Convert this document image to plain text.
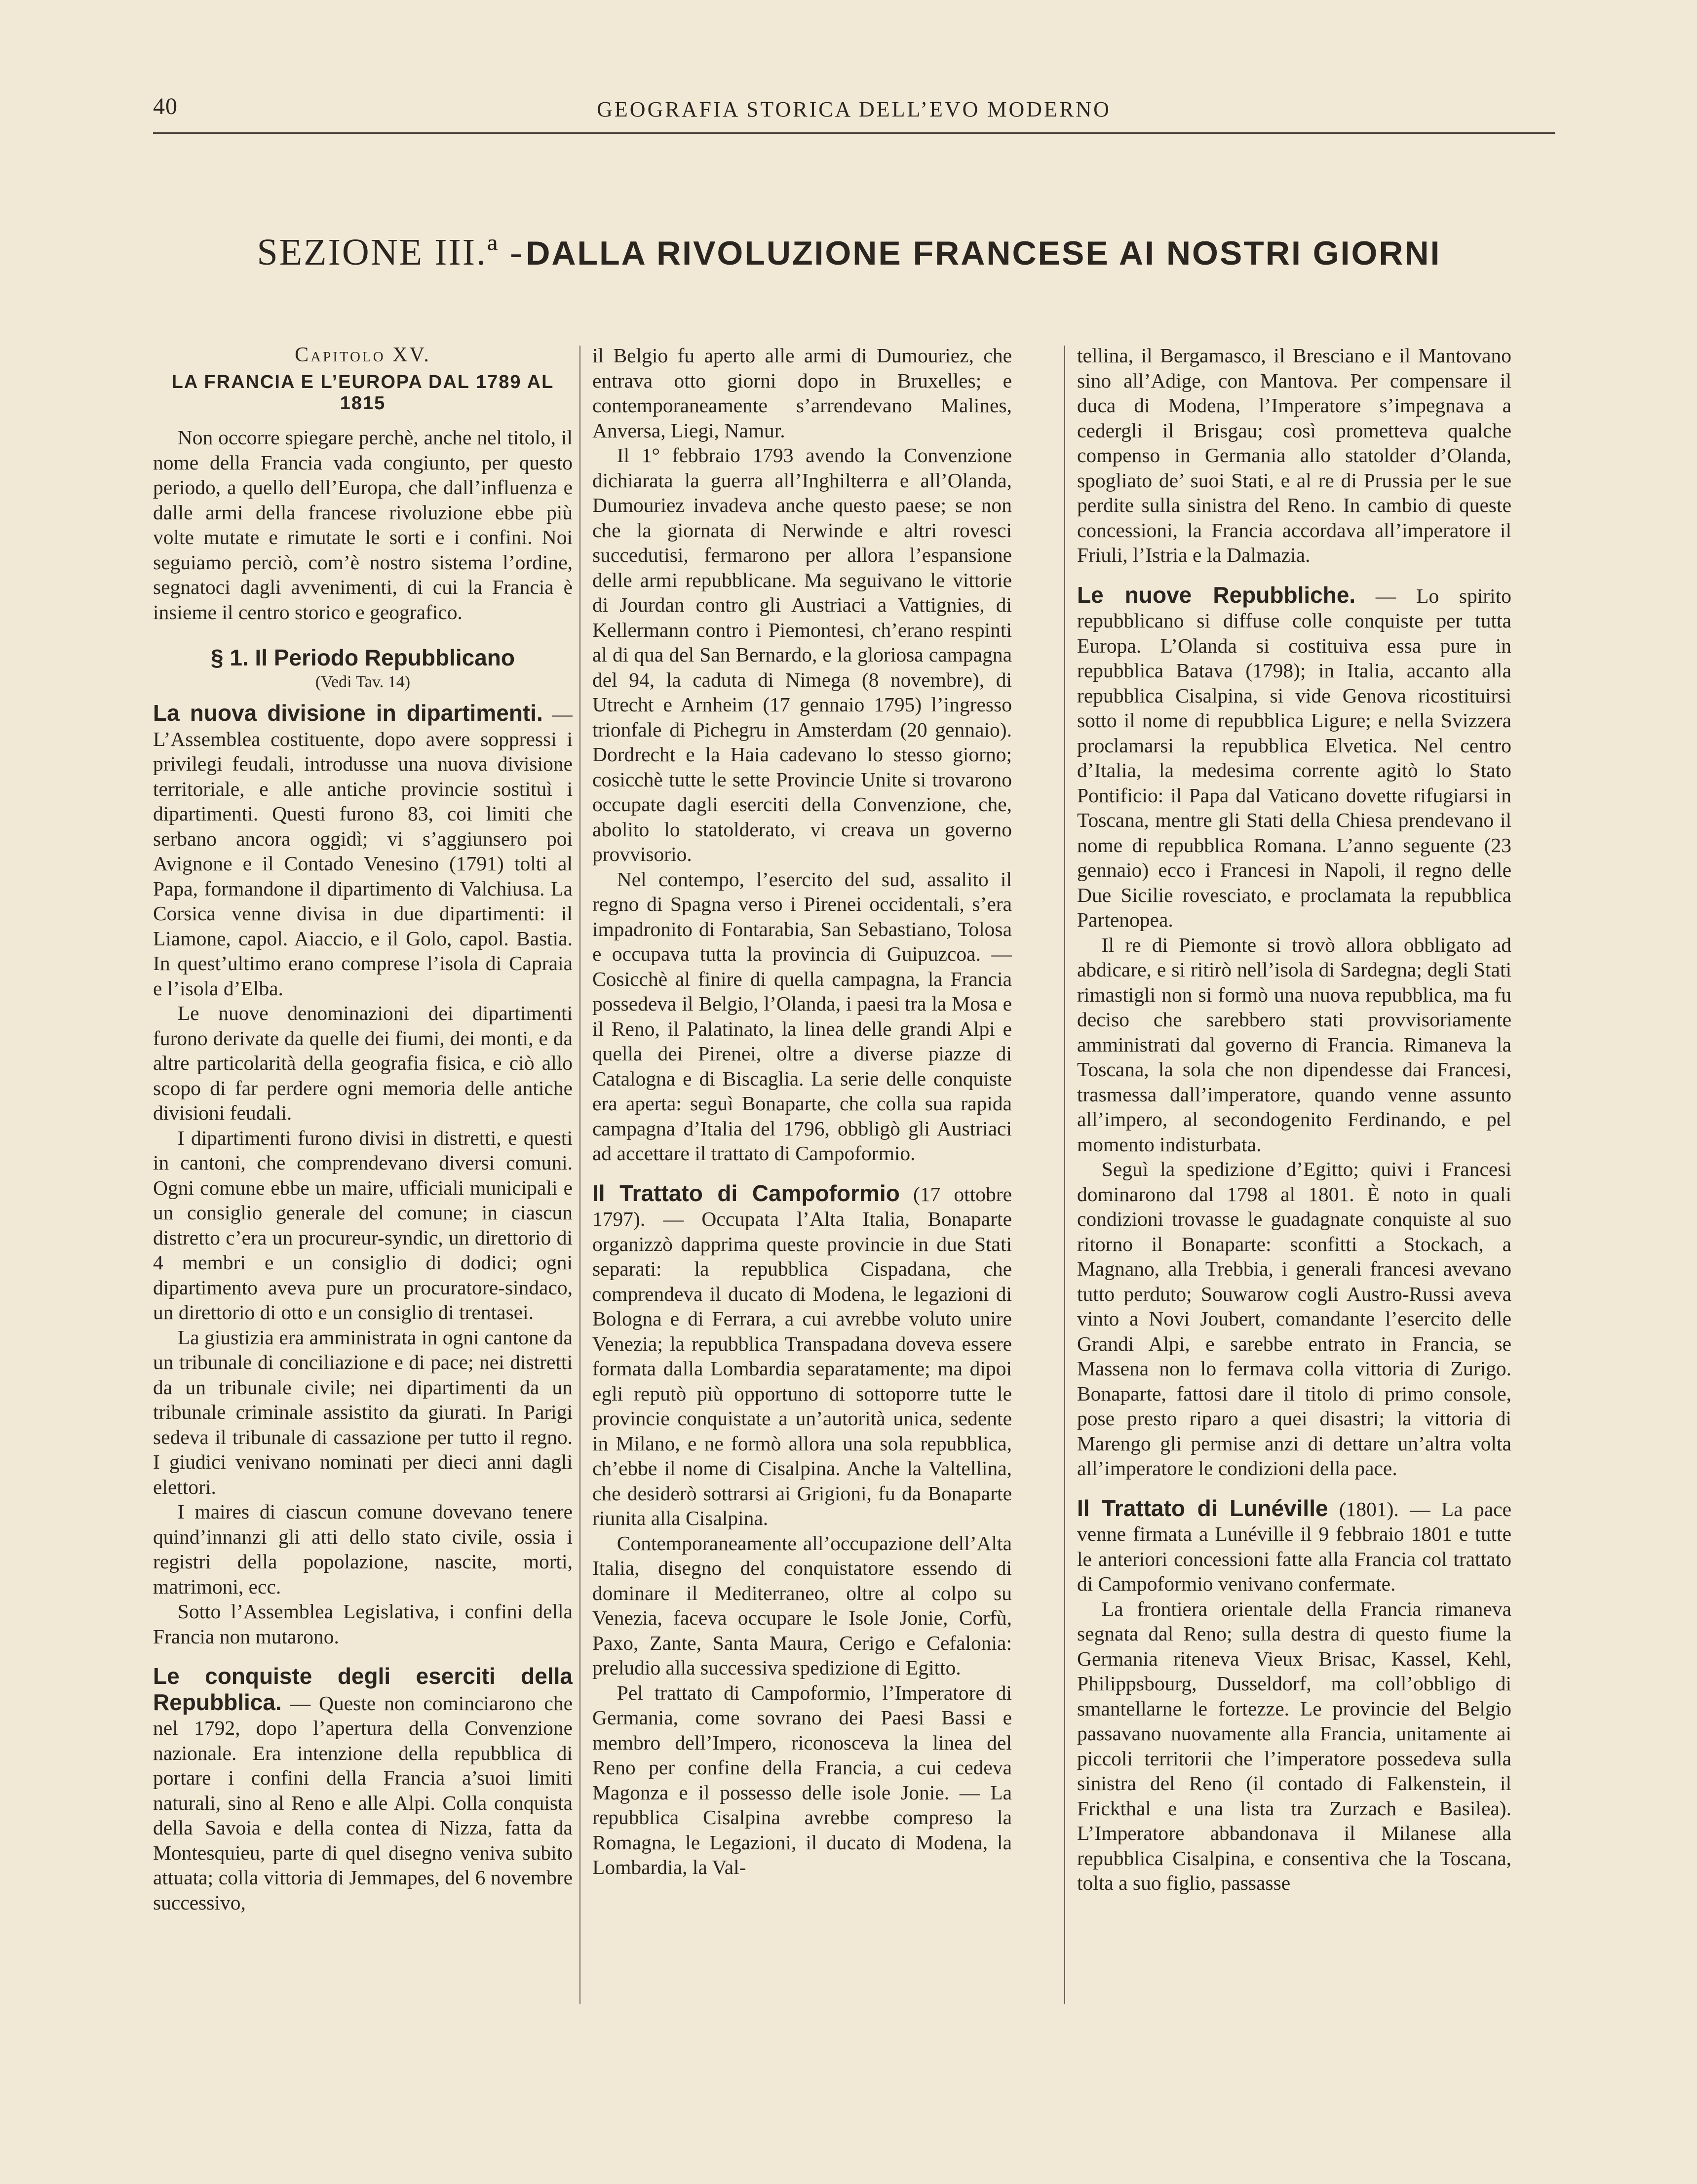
40	GEOGRAFIA STORICA DELL’EVO MODERNO
SEZIONE III.ª - DALLA RIVOLUZIONE FRANCESE AI NOSTRI GIORNI
Capitolo XV.
LA FRANCIA E L’EUROPA DAL 1789 AL 1815

Non occorre spiegare perchè, anche nel titolo, il nome della Francia vada congiunto, per questo periodo, a quello dell’Europa, che dall’influenza e dalle armi della francese rivoluzione ebbe più volte mutate e rimutate le sorti e i confini. Noi seguiamo perciò, com’è nostro sistema l’ordine, segnatoci dagli avvenimenti, di cui la Francia è insieme il centro storico e geografico.

§ 1. Il Periodo Repubblicano
(Vedi Tav. 14)

La nuova divisione in dipartimenti. — L’Assemblea costituente, dopo avere soppressi i privilegi feudali, introdusse una nuova divisione territoriale, e alle antiche provincie sostituì i dipartimenti. Questi furono 83, coi limiti che serbano ancora oggidì; vi s’aggiunsero poi Avignone e il Contado Venesino (1791) tolti al Papa, formandone il dipartimento di Valchiusa. La Corsica venne divisa in due dipartimenti: il Liamone, capol. Aiaccio, e il Golo, capol. Bastia. In quest’ultimo erano comprese l’isola di Capraia e l’isola d’Elba.

Le nuove denominazioni dei dipartimenti furono derivate da quelle dei fiumi, dei monti, e da altre particolarità della geografia fisica, e ciò allo scopo di far perdere ogni memoria delle antiche divisioni feudali.

I dipartimenti furono divisi in distretti, e questi in cantoni, che comprendevano diversi comuni. Ogni comune ebbe un maire, ufficiali municipali e un consiglio generale del comune; in ciascun distretto c’era un procureur-syndic, un direttorio di 4 membri e un consiglio di dodici; ogni dipartimento aveva pure un procuratore-sindaco, un direttorio di otto e un consiglio di trentasei.

La giustizia era amministrata in ogni cantone da un tribunale di conciliazione e di pace; nei distretti da un tribunale civile; nei dipartimenti da un tribunale criminale assistito da giurati. In Parigi sedeva il tribunale di cassazione per tutto il regno. I giudici venivano nominati per dieci anni dagli elettori.

I maires di ciascun comune dovevano tenere quind’innanzi gli atti dello stato civile, ossia i registri della popolazione, nascite, morti, matrimoni, ecc.

Sotto l’Assemblea Legislativa, i confini della Francia non mutarono.

Le conquiste degli eserciti della Repubblica. — Queste non cominciarono che nel 1792, dopo l’apertura della Convenzione nazionale. Era intenzione della repubblica di portare i confini della Francia a’suoi limiti naturali, sino al Reno e alle Alpi. Colla conquista della Savoia e della contea di Nizza, fatta da Montesquieu, parte di quel disegno veniva subito attuata; colla vittoria di Jemmapes, del 6 novembre successivo,

il Belgio fu aperto alle armi di Dumouriez, che entrava otto giorni dopo in Bruxelles; e contemporaneamente s’arrendevano Malines, Anversa, Liegi, Namur.

Il 1° febbraio 1793 avendo la Convenzione dichiarata la guerra all’Inghilterra e all’Olanda, Dumouriez invadeva anche questo paese; se non che la giornata di Nerwinde e altri rovesci succedutisi, fermarono per allora l’espansione delle armi repubblicane. Ma seguivano le vittorie di Jourdan contro gli Austriaci a Vattignies, di Kellermann contro i Piemontesi, ch’erano respinti al di qua del San Bernardo, e la gloriosa campagna del 94, la caduta di Nimega (8 novembre), di Utrecht e Arnheim (17 gennaio 1795) l’ingresso trionfale di Pichegru in Amsterdam (20 gennaio). Dordrecht e la Haia cadevano lo stesso giorno; cosicchè tutte le sette Provincie Unite si trovarono occupate dagli eserciti della Convenzione, che, abolito lo statolderato, vi creava un governo provvisorio.

Nel contempo, l’esercito del sud, assalito il regno di Spagna verso i Pirenei occidentali, s’era impadronito di Fontarabia, San Sebastiano, Tolosa e occupava tutta la provincia di Guipuzcoa. — Cosicchè al finire di quella campagna, la Francia possedeva il Belgio, l’Olanda, i paesi tra la Mosa e il Reno, il Palatinato, la linea delle grandi Alpi e quella dei Pirenei, oltre a diverse piazze di Catalogna e di Biscaglia. La serie delle conquiste era aperta: seguì Bonaparte, che colla sua rapida campagna d’Italia del 1796, obbligò gli Austriaci ad accettare il trattato di Campoformio.

Il Trattato di Campoformio (17 ottobre 1797). — Occupata l’Alta Italia, Bonaparte organizzò dapprima queste provincie in due Stati separati: la repubblica Cispadana, che comprendeva il ducato di Modena, le legazioni di Bologna e di Ferrara, a cui avrebbe voluto unire Venezia; la repubblica Transpadana doveva essere formata dalla Lombardia separatamente; ma dipoi egli reputò più opportuno di sottoporre tutte le provincie conquistate a un’autorità unica, sedente in Milano, e ne formò allora una sola repubblica, ch’ebbe il nome di Cisalpina. Anche la Valtellina, che desiderò sottrarsi ai Grigioni, fu da Bonaparte riunita alla Cisalpina.

Contemporaneamente all’occupazione dell’Alta Italia, disegno del conquistatore essendo di dominare il Mediterraneo, oltre al colpo su Venezia, faceva occupare le Isole Jonie, Corfù, Paxo, Zante, Santa Maura, Cerigo e Cefalonia: preludio alla successiva spedizione di Egitto.

Pel trattato di Campoformio, l’Imperatore di Germania, come sovrano dei Paesi Bassi e membro dell’Impero, riconosceva la linea del Reno per confine della Francia, a cui cedeva Magonza e il possesso delle isole Jonie. — La repubblica Cisalpina avrebbe compreso la Romagna, le Legazioni, il ducato di Modena, la Lombardia, la Val-

tellina, il Bergamasco, il Bresciano e il Mantovano sino all’Adige, con Mantova. Per compensare il duca di Modena, l’Imperatore s’impegnava a cedergli il Brisgau; così prometteva qualche compenso in Germania allo statolder d’Olanda, spogliato de’ suoi Stati, e al re di Prussia per le sue perdite sulla sinistra del Reno. In cambio di queste concessioni, la Francia accordava all’imperatore il Friuli, l’Istria e la Dalmazia.

Le nuove Repubbliche. — Lo spirito repubblicano si diffuse colle conquiste per tutta Europa. L’Olanda si costituiva essa pure in repubblica Batava (1798); in Italia, accanto alla repubblica Cisalpina, si vide Genova ricostituirsi sotto il nome di repubblica Ligure; e nella Svizzera proclamarsi la repubblica Elvetica. Nel centro d’Italia, la medesima corrente agitò lo Stato Pontificio: il Papa dal Vaticano dovette rifugiarsi in Toscana, mentre gli Stati della Chiesa prendevano il nome di repubblica Romana. L’anno seguente (23 gennaio) ecco i Francesi in Napoli, il regno delle Due Sicilie rovesciato, e proclamata la repubblica Partenopea.

Il re di Piemonte si trovò allora obbligato ad abdicare, e si ritirò nell’isola di Sardegna; degli Stati rimastigli non si formò una nuova repubblica, ma fu deciso che sarebbero stati provvisoriamente amministrati dal governo di Francia. Rimaneva la Toscana, la sola che non dipendesse dai Francesi, trasmessa dall’imperatore, quando venne assunto all’impero, al secondogenito Ferdinando, e pel momento indisturbata.

Seguì la spedizione d’Egitto; quivi i Francesi dominarono dal 1798 al 1801. È noto in quali condizioni trovasse le guadagnate conquiste al suo ritorno il Bonaparte: sconfitti a Stockach, a Magnano, alla Trebbia, i generali francesi avevano tutto perduto; Souwarow cogli Austro-Russi aveva vinto a Novi Joubert, comandante l’esercito delle Grandi Alpi, e sarebbe entrato in Francia, se Massena non lo fermava colla vittoria di Zurigo. Bonaparte, fattosi dare il titolo di primo console, pose presto riparo a quei disastri; la vittoria di Marengo gli permise anzi di dettare un’altra volta all’imperatore le condizioni della pace.

Il Trattato di Lunéville (1801). — La pace venne firmata a Lunéville il 9 febbraio 1801 e tutte le anteriori concessioni fatte alla Francia col trattato di Campoformio venivano confermate.

La frontiera orientale della Francia rimaneva segnata dal Reno; sulla destra di questo fiume la Germania riteneva Vieux Brisac, Kassel, Kehl, Philippsbourg, Dusseldorf, ma coll’obbligo di smantellarne le fortezze. Le provincie del Belgio passavano nuovamente alla Francia, unitamente ai piccoli territorii che l’imperatore possedeva sulla sinistra del Reno (il contado di Falkenstein, il Frickthal e una lista tra Zurzach e Basilea). L’Imperatore abbandonava il Milanese alla repubblica Cisalpina, e consentiva che la Toscana, tolta a suo figlio, passasse
